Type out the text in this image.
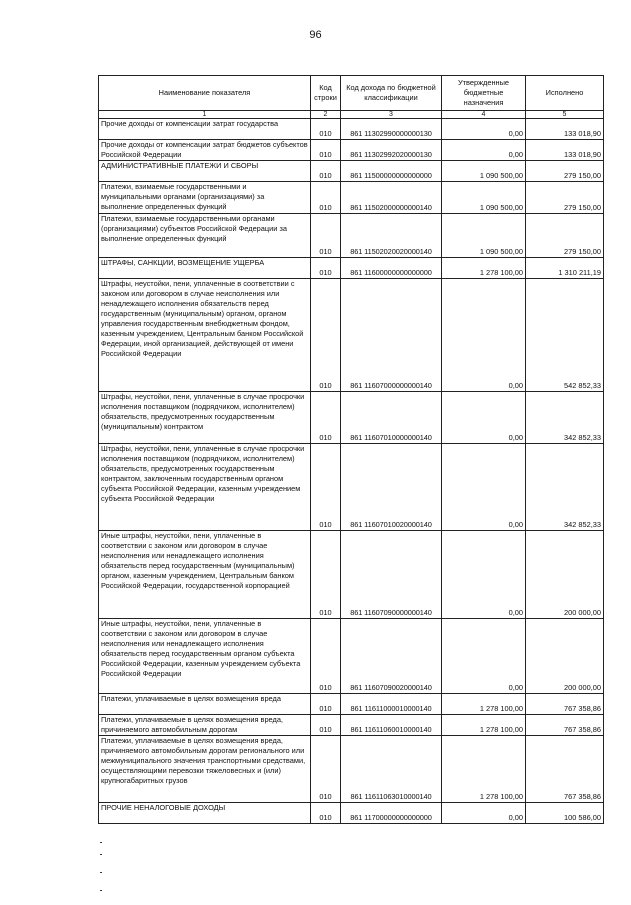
96
Наименование показателя	Код строки	Код дохода по бюджетной классификации	Утвержденные бюджетные назначения	Исполнено
1	2	3	4	5
Прочие доходы от компенсации затрат государства	010	861 11302990000000130	0,00	133 018,90
Прочие доходы от компенсации затрат бюджетов субъектов Российской Федерации	010	861 11302992020000130	0,00	133 018,90
АДМИНИСТРАТИВНЫЕ ПЛАТЕЖИ И СБОРЫ	010	861 11500000000000000	1 090 500,00	279 150,00
Платежи, взимаемые государственными и муниципальными органами (организациями) за выполнение определенных функций	010	861 11502000000000140	1 090 500,00	279 150,00
Платежи, взимаемые государственными органами (организациями) субъектов Российской Федерации за выполнение определенных функций	010	861 11502020020000140	1 090 500,00	279 150,00
ШТРАФЫ, САНКЦИИ, ВОЗМЕЩЕНИЕ УЩЕРБА	010	861 11600000000000000	1 278 100,00	1 310 211,19
Штрафы, неустойки, пени, уплаченные в соответствии с законом или договором в случае неисполнения или ненадлежащего исполнения обязательств перед государственным (муниципальным) органом, органом управления государственным внебюджетным фондом, казенным учреждением, Центральным банком Российской Федерации, иной организацией, действующей от имени Российской Федерации	010	861 11607000000000140	0,00	542 852,33
Штрафы, неустойки, пени, уплаченные в случае просрочки исполнения поставщиком (подрядчиком, исполнителем) обязательств, предусмотренных государственным (муниципальным) контрактом	010	861 11607010000000140	0,00	342 852,33
Штрафы, неустойки, пени, уплаченные в случае просрочки исполнения поставщиком (подрядчиком, исполнителем) обязательств, предусмотренных государственным контрактом, заключенным государственным органом субъекта Российской Федерации, казенным учреждением субъекта Российской Федерации	010	861 11607010020000140	0,00	342 852,33
Иные штрафы, неустойки, пени, уплаченные в соответствии с законом или договором в случае неисполнения или ненадлежащего исполнения обязательств перед государственным (муниципальным) органом, казенным учреждением, Центральным банком Российской Федерации, государственной корпорацией	010	861 11607090000000140	0,00	200 000,00
Иные штрафы, неустойки, пени, уплаченные в соответствии с законом или договором в случае неисполнения или ненадлежащего исполнения обязательств перед государственным органом субъекта Российской Федерации, казенным учреждением субъекта Российской Федерации	010	861 11607090020000140	0,00	200 000,00
Платежи, уплачиваемые в целях возмещения вреда	010	861 11611000010000140	1 278 100,00	767 358,86
Платежи, уплачиваемые в целях возмещения вреда, причиняемого автомобильным дорогам	010	861 11611060010000140	1 278 100,00	767 358,86
Платежи, уплачиваемые в целях возмещения вреда, причиняемого автомобильным дорогам регионального или межмуниципального значения транспортными средствами, осуществляющими перевозки тяжеловесных и (или) крупногабаритных грузов	010	861 11611063010000140	1 278 100,00	767 358,86
ПРОЧИЕ НЕНАЛОГОВЫЕ ДОХОДЫ	010	861 11700000000000000	0,00	100 586,00
